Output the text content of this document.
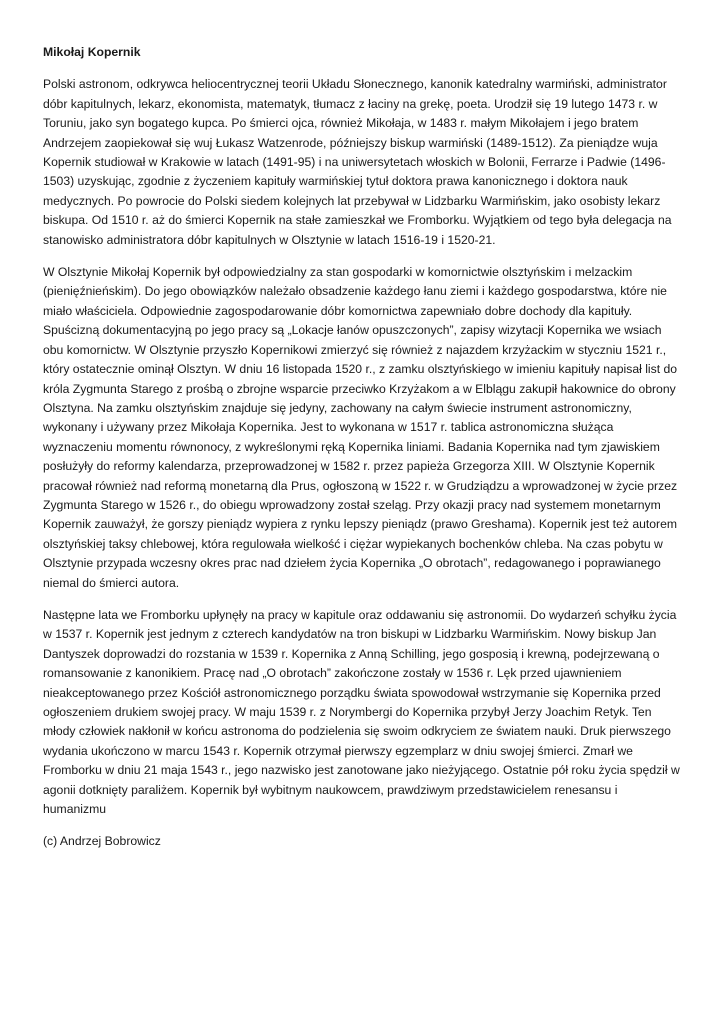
Mikołaj Kopernik

Polski astronom, odkrywca heliocentrycznej teorii Układu Słonecznego, kanonik katedralny warmiński, administrator dóbr kapitulnych, lekarz, ekonomista, matematyk, tłumacz z łaciny na grekę, poeta. Urodził się 19 lutego 1473 r. w Toruniu, jako syn bogatego kupca. Po śmierci ojca, również Mikołaja, w 1483 r. małym Mikołajem i jego bratem Andrzejem zaopiekował się wuj Łukasz Watzenrode, późniejszy biskup warmiński (1489-1512). Za pieniądze wuja Kopernik studiował w Krakowie w latach (1491-95) i na uniwersytetach włoskich w Bolonii, Ferrarze i Padwie (1496-1503) uzyskując, zgodnie z życzeniem kapituły warmińskiej tytuł doktora prawa kanonicznego i doktora nauk medycznych. Po powrocie do Polski siedem kolejnych lat przebywał w Lidzbarku Warmińskim, jako osobisty lekarz biskupa. Od 1510 r. aż do śmierci Kopernik na stałe zamieszkał we Fromborku. Wyjątkiem od tego była delegacja na stanowisko administratora dóbr kapitulnych w Olsztynie w latach 1516-19 i 1520-21.

W Olsztynie Mikołaj Kopernik był odpowiedzialny za stan gospodarki w komornictwie olsztyńskim i melzackim (pienięźnieńskim). Do jego obowiązków należało obsadzenie każdego łanu ziemi i każdego gospodarstwa, które nie miało właściciela. Odpowiednie zagospodarowanie dóbr komornictwa zapewniało dobre dochody dla kapituły. Spuścizną dokumentacyjną po jego pracy są „Lokacje łanów opuszczonych”, zapisy wizytacji Kopernika we wsiach obu komornictw. W Olsztynie przyszło Kopernikowi zmierzyć się również z najazdem krzyżackim w styczniu 1521 r., który ostatecznie ominął Olsztyn. W dniu 16 listopada 1520 r., z zamku olsztyńskiego w imieniu kapituły napisał list do króla Zygmunta Starego z prośbą o zbrojne wsparcie przeciwko Krzyżakom a w Elblągu zakupił hakownice do obrony Olsztyna. Na zamku olsztyńskim znajduje się jedyny, zachowany na całym świecie instrument astronomiczny, wykonany i używany przez Mikołaja Kopernika. Jest to wykonana w 1517 r. tablica astronomiczna służąca wyznaczeniu momentu równonocy, z wykreślonymi ręką Kopernika liniami. Badania Kopernika nad tym zjawiskiem posłużyły do reformy kalendarza, przeprowadzonej w 1582 r. przez papieża Grzegorza XIII. W Olsztynie Kopernik pracował również nad reformą monetarną dla Prus, ogłoszoną w 1522 r. w Grudziądzu a wprowadzonej w życie przez Zygmunta Starego w 1526 r., do obiegu wprowadzony został szeląg. Przy okazji pracy nad systemem monetarnym Kopernik zauważył, że gorszy pieniądz wypiera z rynku lepszy pieniądz (prawo Greshama). Kopernik jest też autorem olsztyńskiej taksy chlebowej, która regulowała wielkość i ciężar wypiekanych bochenków chleba. Na czas pobytu w Olsztynie przypada wczesny okres prac nad dziełem życia Kopernika „O obrotach”, redagowanego i poprawianego niemal do śmierci autora.

Następne lata we Fromborku upłynęły na pracy w kapitule oraz oddawaniu się astronomii. Do wydarzeń schyłku życia w 1537 r. Kopernik jest jednym z czterech kandydatów na tron biskupi w Lidzbarku Warmińskim. Nowy biskup Jan Dantyszek doprowadzi do rozstania w 1539 r. Kopernika z Anną Schilling, jego gosposią i krewną, podejrzewaną o romansowanie z kanonikiem. Pracę nad „O obrotach” zakończone zostały w 1536 r. Lęk przed ujawnieniem nieakceptowanego przez Kościół astronomicznego porządku świata spowodował wstrzymanie się Kopernika przed ogłoszeniem drukiem swojej pracy. W maju 1539 r. z Norymbergi do Kopernika przybył Jerzy Joachim Retyk. Ten młody człowiek nakłonił w końcu astronoma do podzielenia się swoim odkryciem ze światem nauki. Druk pierwszego wydania ukończono w marcu 1543 r. Kopernik otrzymał pierwszy egzemplarz w dniu swojej śmierci. Zmarł we Fromborku w dniu 21 maja 1543 r., jego nazwisko jest zanotowane jako nieżyjącego. Ostatnie pół roku życia spędził w agonii dotknięty paraliżem. Kopernik był wybitnym naukowcem, prawdziwym przedstawicielem renesansu i humanizmu

(c) Andrzej Bobrowicz
